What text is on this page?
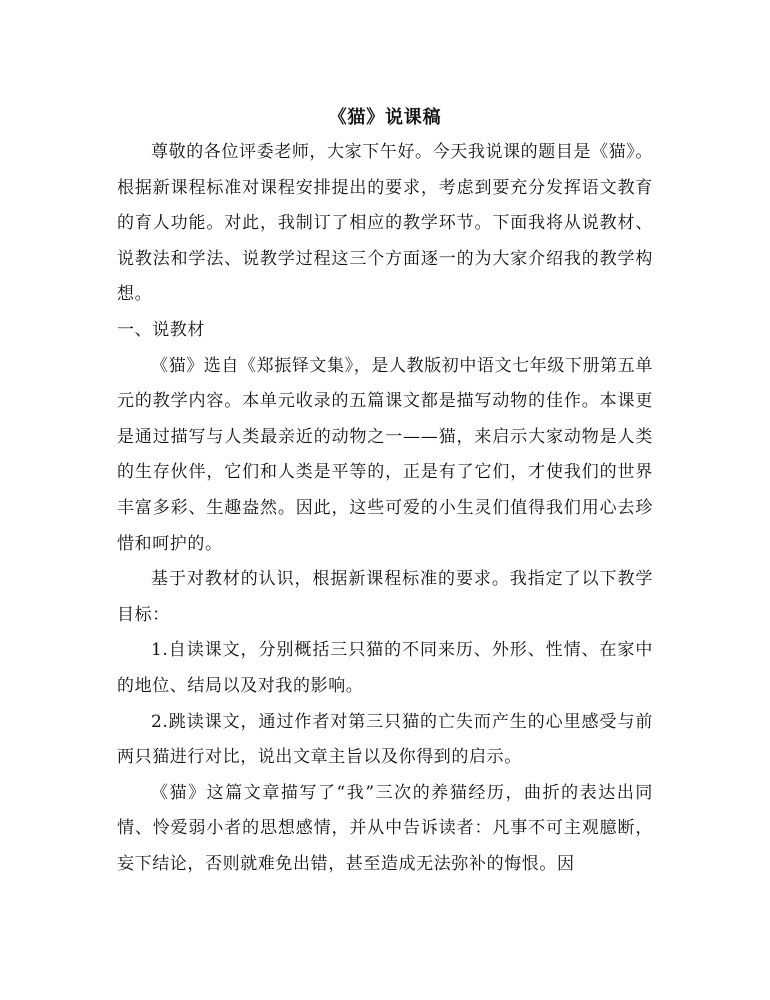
《猫》说课稿

尊敬的各位评委老师，大家下午好。今天我说课的题目是《猫》。根据新课程标准对课程安排提出的要求，考虑到要充分发挥语文教育的育人功能。对此，我制订了相应的教学环节。下面我将从说教材、说教法和学法、说教学过程这三个方面逐一的为大家介绍我的教学构想。

一、说教材

《猫》选自《郑振铎文集》，是人教版初中语文七年级下册第五单元的教学内容。本单元收录的五篇课文都是描写动物的佳作。本课更是通过描写与人类最亲近的动物之一——猫，来启示大家动物是人类的生存伙伴，它们和人类是平等的，正是有了它们，才使我们的世界丰富多彩、生趣盎然。因此，这些可爱的小生灵们值得我们用心去珍惜和呵护的。

基于对教材的认识，根据新课程标准的要求。我指定了以下教学目标：

1.自读课文，分别概括三只猫的不同来历、外形、性情、在家中的地位、结局以及对我的影响。

2.跳读课文，通过作者对第三只猫的亡失而产生的心里感受与前两只猫进行对比，说出文章主旨以及你得到的启示。

《猫》这篇文章描写了“我”三次的养猫经历，曲折的表达出同情、怜爱弱小者的思想感情，并从中告诉读者：凡事不可主观臆断，妄下结论，否则就难免出错，甚至造成无法弥补的悔恨。因
